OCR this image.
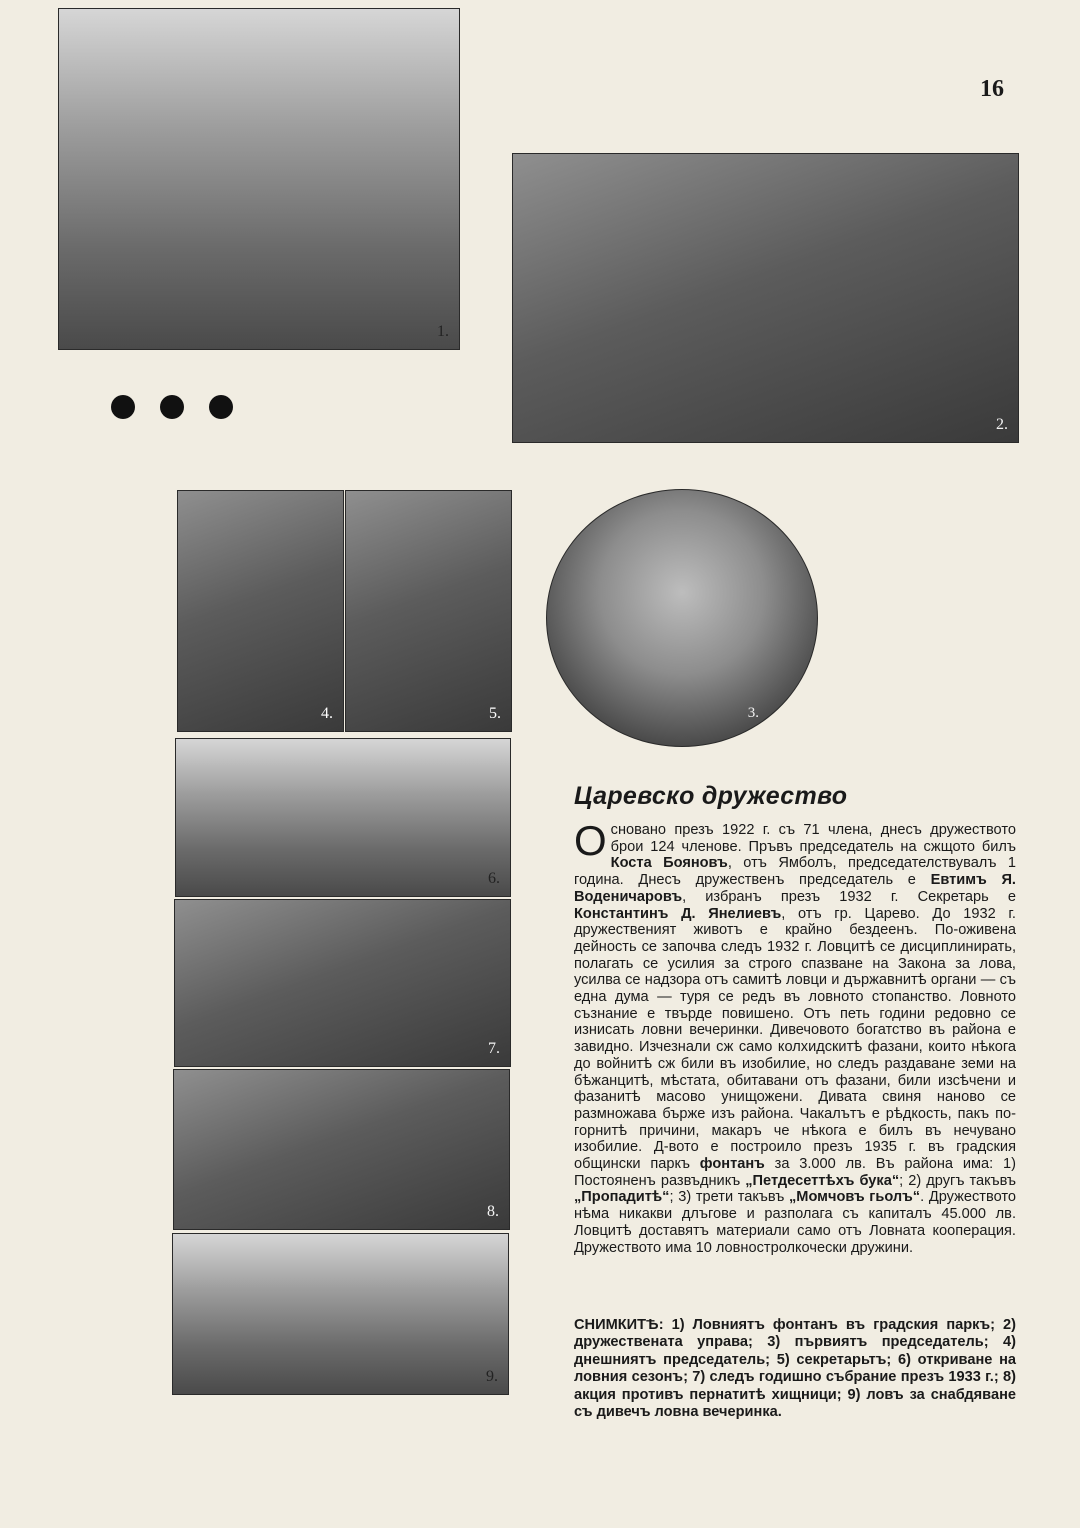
16
1.
2.
4.	5.	3.
6.
7.
8.
9.
Царевско дружество
Основано презъ 1922 г. съ 71 члена, днесъ дружеството брои 124 членове. Пръвъ председатель на сжщото билъ Коста Бояновъ, отъ Ямболъ, председателствувалъ 1 година. Днесъ дружественъ председатель е Евтимъ Я. Воденичаровъ, избранъ презъ 1932 г. Секретарь е Константинъ Д. Янелиевъ, отъ гр. Царево. До 1932 г. дружественият животъ е крайно бездеенъ. По-оживена дейность се започва следъ 1932 г. Ловцитѣ се дисциплинирать, полагать се усилия за строго спазване на Закона за лова, усилва се надзора отъ самитѣ ловци и държавнитѣ органи — съ една дума — туря се редъ въ ловното стопанство. Ловното съзнание е твърде повишено. Отъ петь години редовно се изнисать ловни вечеринки. Дивечовото богатство въ района е завидно. Изчезнали сж само колхидскитѣ фазани, които нѣкога до войнитѣ сж били въ изобилие, но следъ раздаване земи на бѣжанцитѣ, мѣстата, обитавани отъ фазани, били изсѣчени и фазанитѣ масово унищожени. Дивата свиня наново се размножава бърже изъ района. Чакалътъ е рѣдкость, пакъ по-горнитѣ причини, макаръ че нѣкога е билъ въ нечувано изобилие. Д-вото е построило презъ 1935 г. въ градския общински паркъ фонтанъ за 3.000 лв. Въ района има: 1) Постояненъ развъдникъ „Петдесеттѣхъ бука“; 2) другъ такъвъ „Пропадитѣ“; 3) трети такъвъ „Момчовъ гьолъ“. Дружеството нѣма никакви длъгове и разполага съ капиталъ 45.000 лв. Ловцитѣ доставятъ материали само отъ Ловната кооперация. Дружеството има 10 ловностролкочески дружини.
СНИМКИТѢ: 1) Ловниятъ фонтанъ въ градския паркъ; 2) дружествената управа; 3) първиятъ председатель; 4) днешниятъ председатель; 5) секретарьтъ; 6) откриване на ловния сезонъ; 7) следъ годишно събрание презъ 1933 г.; 8) акция противъ пернатитѣ хищници; 9) ловъ за снабдяване съ дивечъ ловна вечеринка.
